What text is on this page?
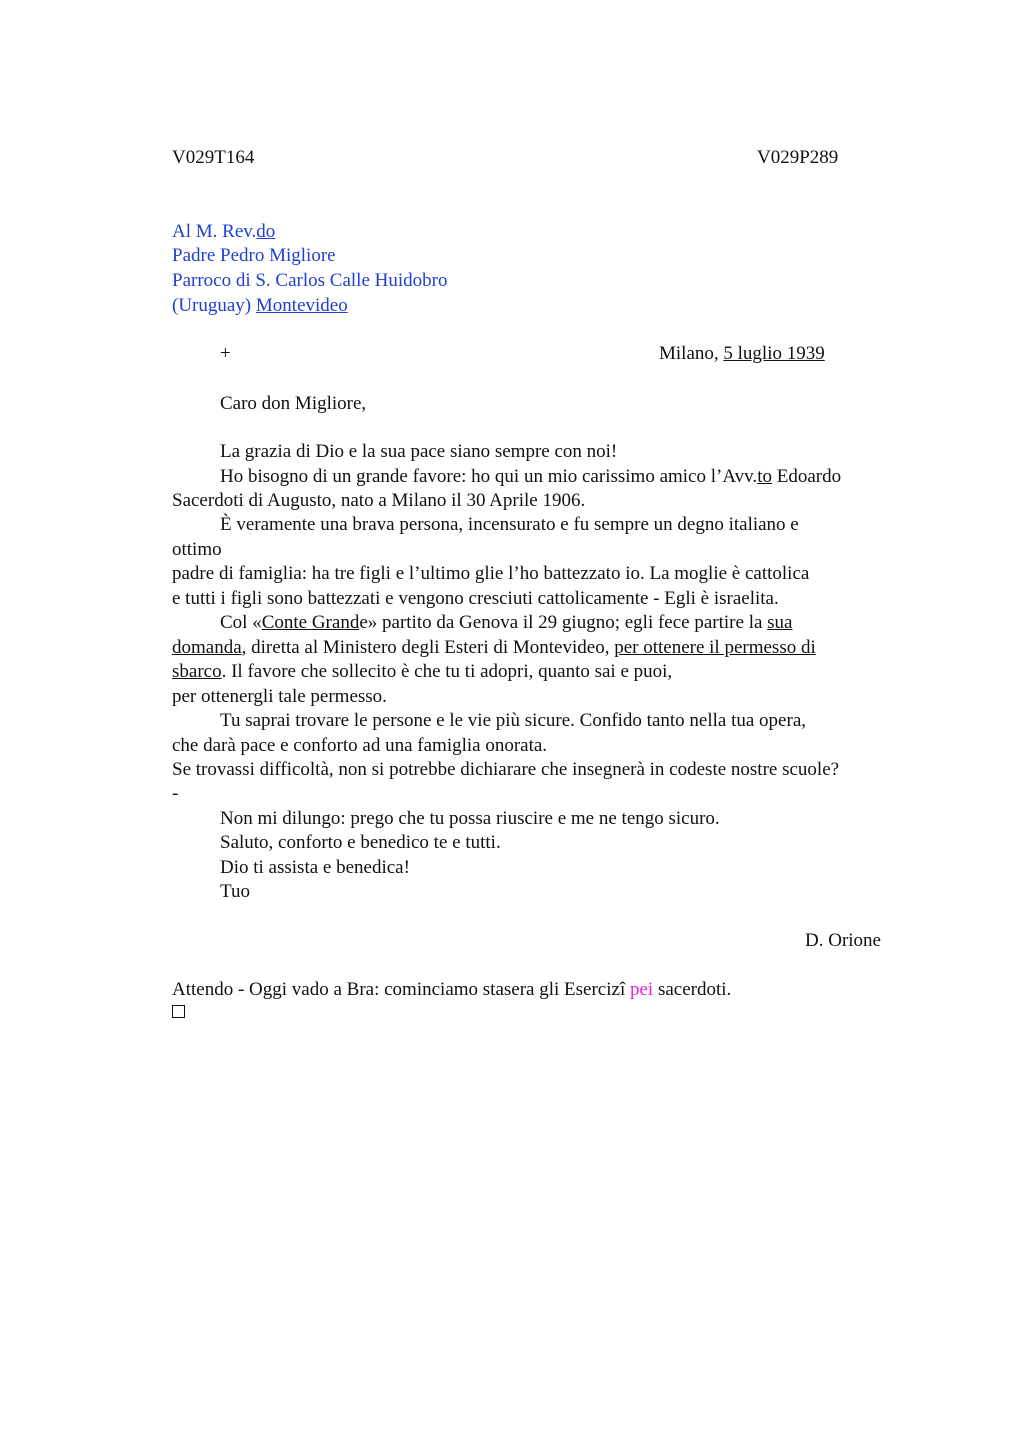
V029T164	V029P289
Al M. Rev.do
Padre Pedro Migliore
Parroco di S. Carlos Calle Huidobro
(Uruguay) Montevideo
+	Milano, 5 luglio 1939
Caro don Migliore,
La grazia di Dio e la sua pace siano sempre con noi!
Ho bisogno di un grande favore: ho qui un mio carissimo amico l’Avv.to Edoardo
Sacerdoti di Augusto, nato a Milano il 30 Aprile 1906.
È veramente una brava persona, incensurato e fu sempre un degno italiano e
ottimo
padre di famiglia: ha tre figli e l’ultimo glie l’ho battezzato io. La moglie è cattolica
e tutti i figli sono battezzati e vengono cresciuti cattolicamente - Egli è israelita.
Col «Conte Grande» partito da Genova il 29 giugno; egli fece partire la sua
domanda, diretta al Ministero degli Esteri di Montevideo, per ottenere il permesso di
sbarco. Il favore che sollecito è che tu ti adopri, quanto sai e puoi,
per ottenergli tale permesso.
Tu saprai trovare le persone e le vie più sicure. Confido tanto nella tua opera,
che darà pace e conforto ad una famiglia onorata.
Se trovassi difficoltà, non si potrebbe dichiarare che insegnerà in codeste nostre scuole?
-
Non mi dilungo: prego che tu possa riuscire e me ne tengo sicuro.
Saluto, conforto e benedico te e tutti.
Dio ti assista e benedica!
Tuo
D. Orione
Attendo - Oggi vado a Bra: cominciamo stasera gli Esercizî pei sacerdoti.
